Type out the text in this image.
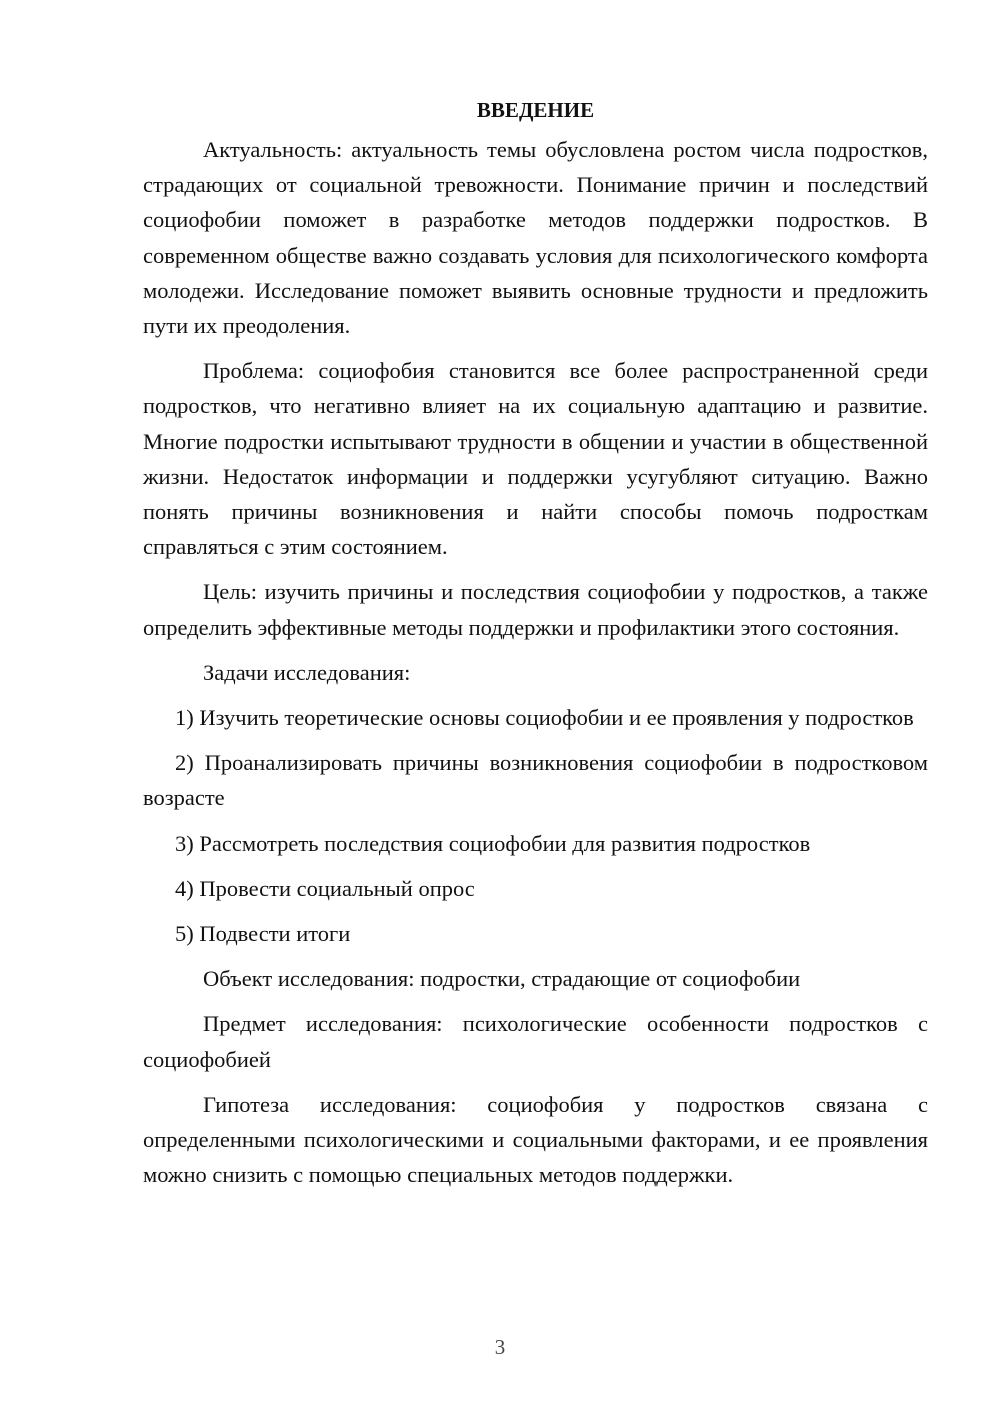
ВВЕДЕНИЕ

Актуальность: актуальность темы обусловлена ростом числа подростков, страдающих от социальной тревожности. Понимание причин и последствий социофобии поможет в разработке методов поддержки подростков. В современном обществе важно создавать условия для психологического комфорта молодежи. Исследование поможет выявить основные трудности и предложить пути их преодоления.

Проблема: социофобия становится все более распространенной среди подростков, что негативно влияет на их социальную адаптацию и развитие. Многие подростки испытывают трудности в общении и участии в общественной жизни. Недостаток информации и поддержки усугубляют ситуацию. Важно понять причины возникновения и найти способы помочь подросткам справляться с этим состоянием.

Цель: изучить причины и последствия социофобии у подростков, а также определить эффективные методы поддержки и профилактики этого состояния.

Задачи исследования:

1) Изучить теоретические основы социофобии и ее проявления у подростков

2) Проанализировать причины возникновения социофобии в подростковом возрасте

3) Рассмотреть последствия социофобии для развития подростков

4) Провести социальный опрос

5) Подвести итоги

Объект исследования: подростки, страдающие от социофобии

Предмет исследования: психологические особенности подростков с социофобией

Гипотеза исследования: социофобия у подростков связана с определенными психологическими и социальными факторами, и ее проявления можно снизить с помощью специальных методов поддержки.

3
